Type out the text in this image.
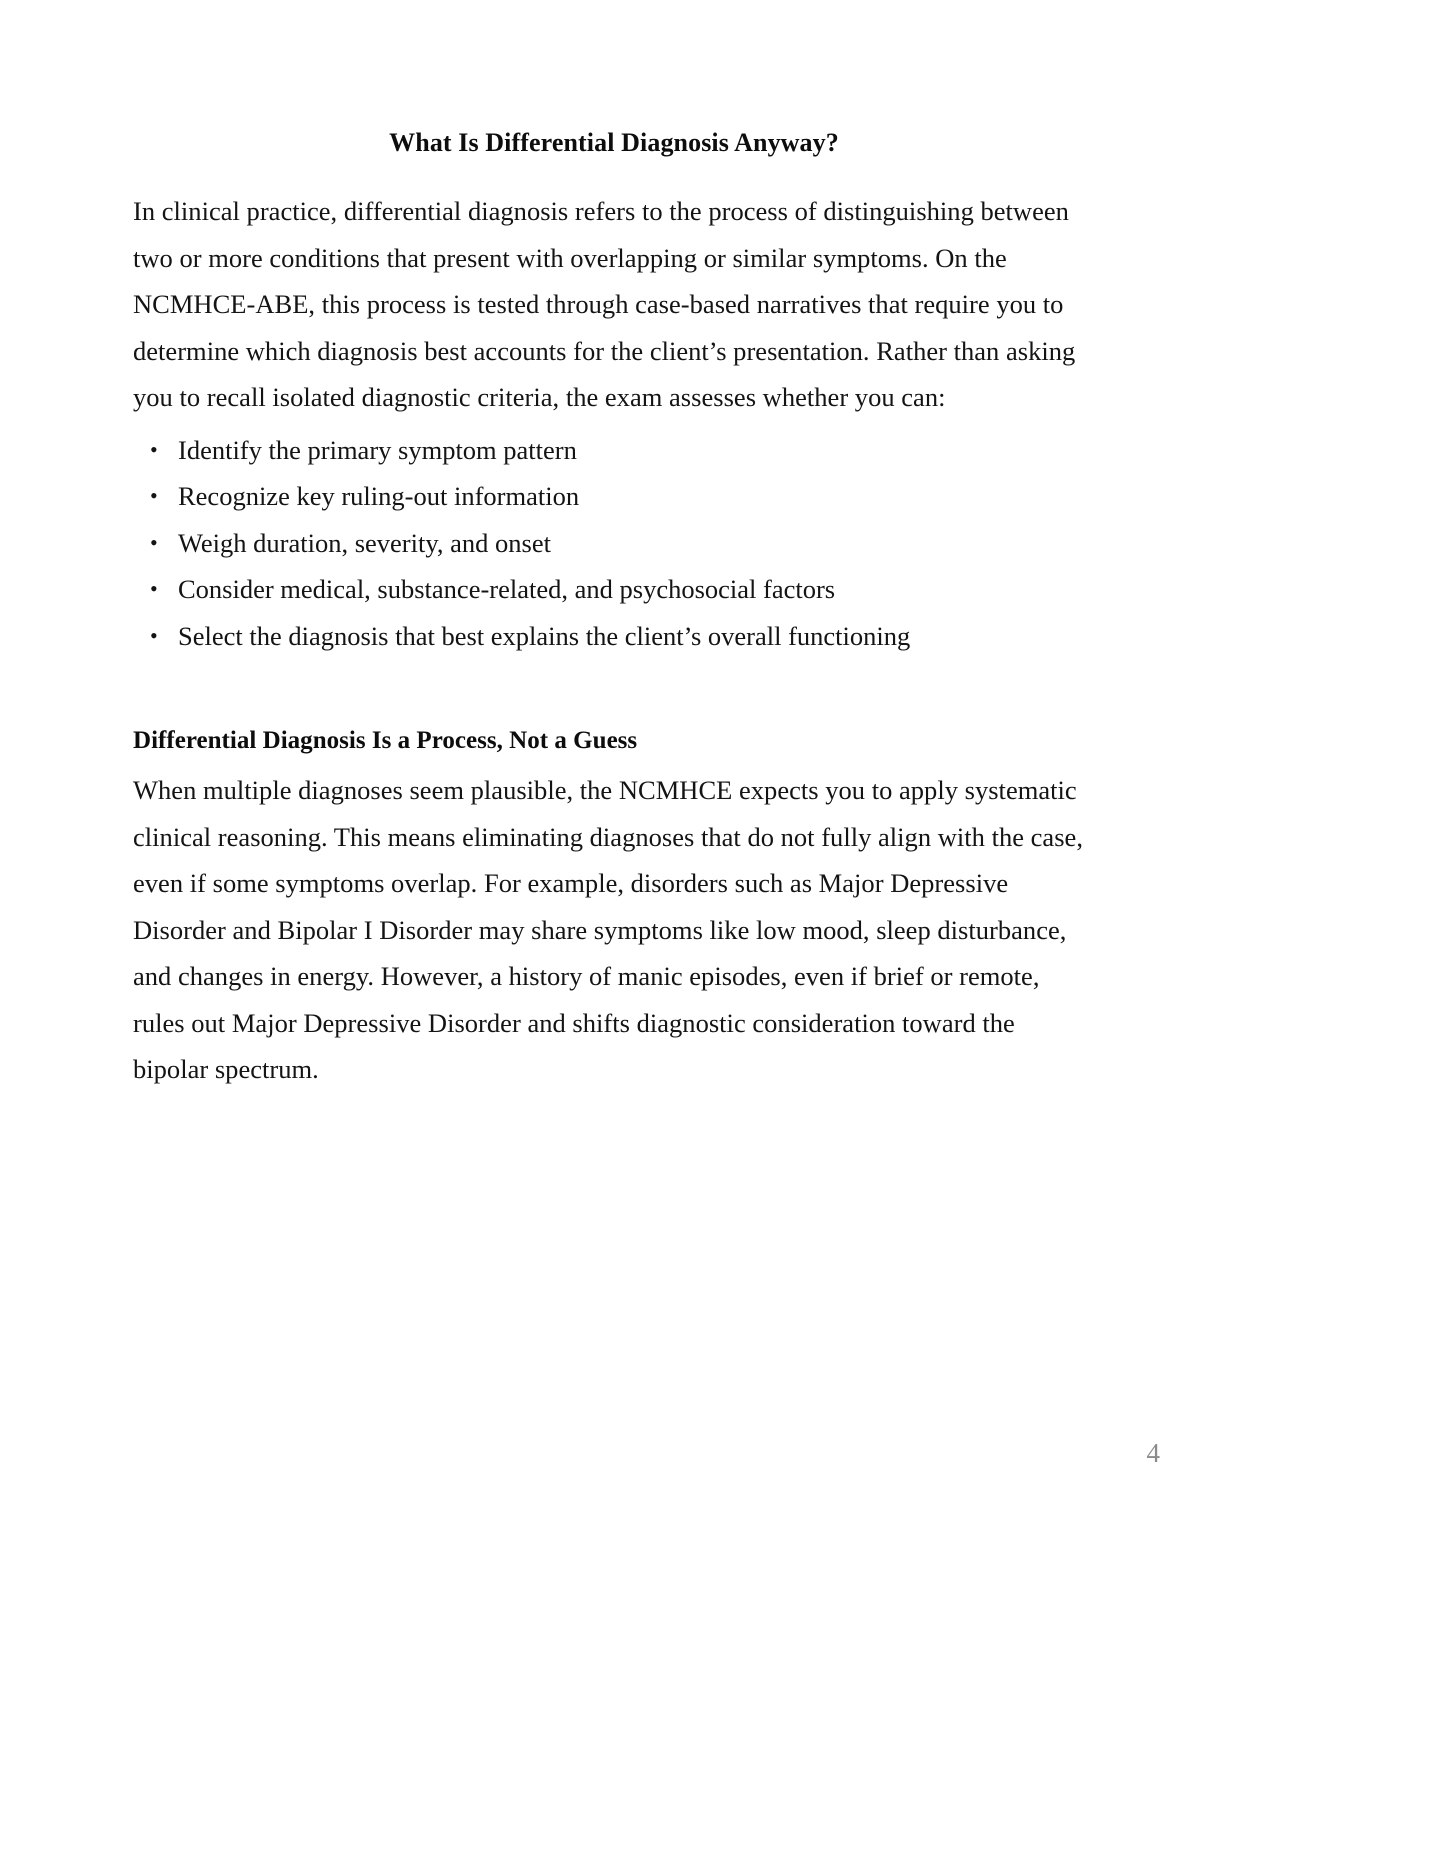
What Is Differential Diagnosis Anyway?

In clinical practice, differential diagnosis refers to the process of distinguishing between two or more conditions that present with overlapping or similar symptoms. On the NCMHCE-ABE, this process is tested through case-based narratives that require you to determine which diagnosis best accounts for the client’s presentation. Rather than asking you to recall isolated diagnostic criteria, the exam assesses whether you can:

• Identify the primary symptom pattern
• Recognize key ruling-out information
• Weigh duration, severity, and onset
• Consider medical, substance-related, and psychosocial factors
• Select the diagnosis that best explains the client’s overall functioning
Differential Diagnosis Is a Process, Not a Guess

When multiple diagnoses seem plausible, the NCMHCE expects you to apply systematic clinical reasoning. This means eliminating diagnoses that do not fully align with the case, even if some symptoms overlap. For example, disorders such as Major Depressive Disorder and Bipolar I Disorder may share symptoms like low mood, sleep disturbance, and changes in energy. However, a history of manic episodes, even if brief or remote, rules out Major Depressive Disorder and shifts diagnostic consideration toward the bipolar spectrum.

4
